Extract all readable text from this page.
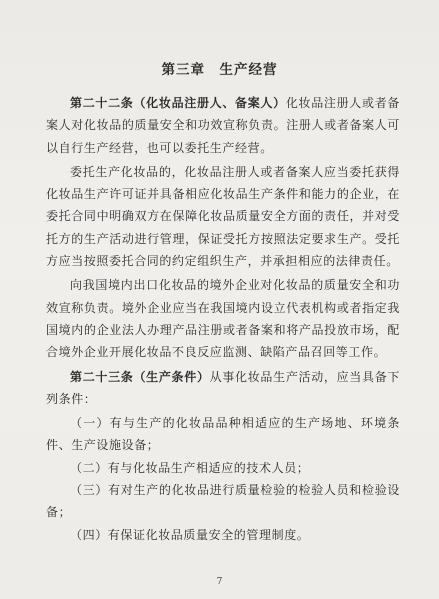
第三章　生产经营

第二十二条（化妆品注册人、备案人）化妆品注册人或者备案人对化妆品的质量安全和功效宣称负责。注册人或者备案人可以自行生产经营，也可以委托生产经营。

委托生产化妆品的，化妆品注册人或者备案人应当委托获得化妆品生产许可证并具备相应化妆品生产条件和能力的企业，在委托合同中明确双方在保障化妆品质量安全方面的责任，并对受托方的生产活动进行管理，保证受托方按照法定要求生产。受托方应当按照委托合同的约定组织生产，并承担相应的法律责任。

向我国境内出口化妆品的境外企业对化妆品的质量安全和功效宣称负责。境外企业应当在我国境内设立代表机构或者指定我国境内的企业法人办理产品注册或者备案和将产品投放市场，配合境外企业开展化妆品不良反应监测、缺陷产品召回等工作。

第二十三条（生产条件）从事化妆品生产活动，应当具备下列条件：

（一）有与生产的化妆品品种相适应的生产场地、环境条件、生产设施设备；

（二）有与化妆品生产相适应的技术人员；

（三）有对生产的化妆品进行质量检验的检验人员和检验设备；

（四）有保证化妆品质量安全的管理制度。

7
